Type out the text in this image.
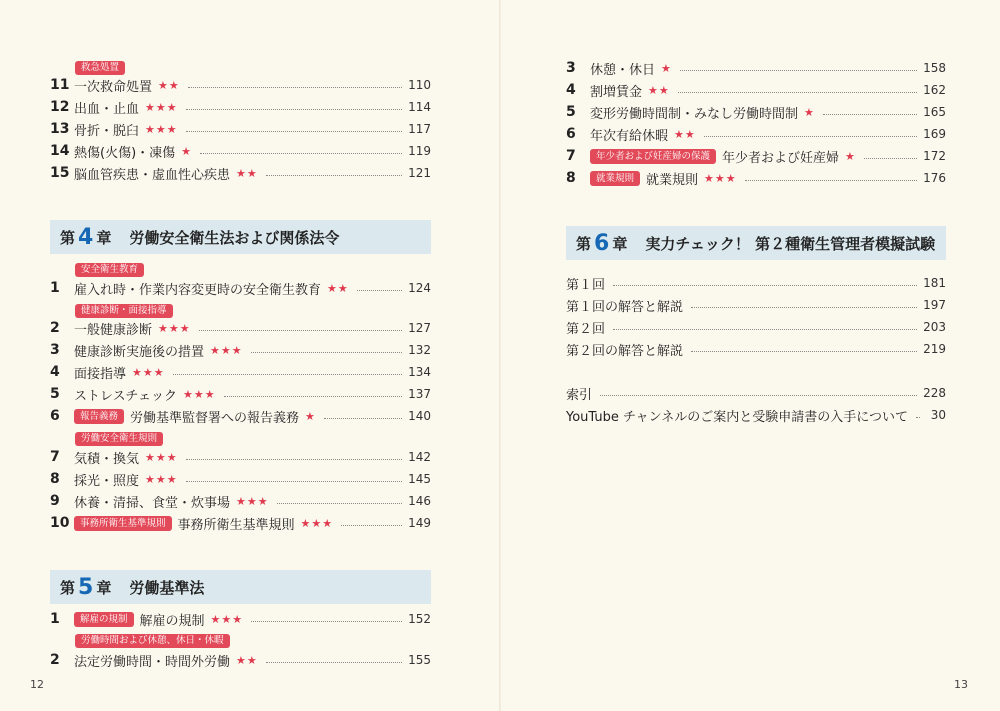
救急処置
11 一次救命処置 ★★	110
12 出血・止血 ★★★	114
13 骨折・脱臼 ★★★	117
14 熱傷(火傷)・凍傷 ★	119
15 脳血管疾患・虚血性心疾患 ★★	121
第 4 章 労働安全衛生法および関係法令
安全衛生教育
健康診断・面接指導
労働安全衛生規則
1	雇入れ時・作業内容変更時の安全衛生教育 ★★	124
2	一般健康診断 ★★★	127
3	健康診断実施後の措置 ★★★	132
4	面接指導 ★★★	134
5	ストレスチェック ★★★	137
6	報告義務 労働基準監督署への報告義務 ★	140
7	気積・換気 ★★★	142
8	採光・照度 ★★★	145
9	休養・清掃、食堂・炊事場 ★★★	146
10	事務所衛生基準規則 事務所衛生基準規則 ★★★	149
第 5 章 労働基準法
労働時間および休憩、休日・休暇
1	解雇の規制 解雇の規制 ★★★	152
2	法定労働時間・時間外労働 ★★	155
12
3	休憩・休日 ★	158
4	割増賃金 ★★	162
5	変形労働時間制・みなし労働時間制 ★	165
6	年次有給休暇 ★★	169
7	年少者および妊産婦の保護 年少者および妊産婦 ★	172
8	就業規則 就業規則 ★★★	176
第 6 章 実力チェック！ 第２種衛生管理者模擬試験
第１回	181
第１回の解答と解説	197
第２回	203
第２回の解答と解説	219
索引	228
YouTube チャンネルのご案内と受験申請書の入手について	30
13
